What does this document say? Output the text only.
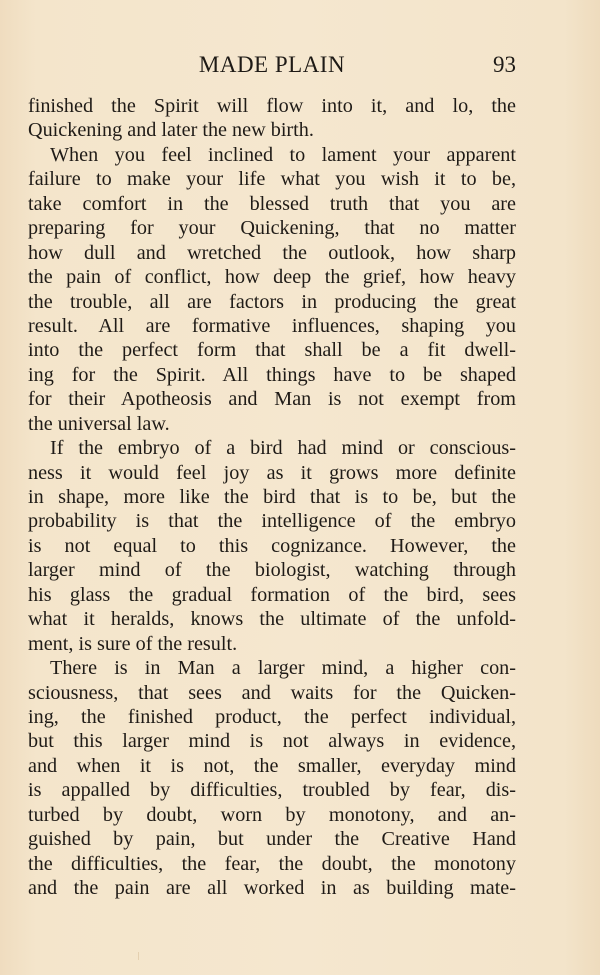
MADE PLAIN	93
finished the Spirit will flow into it, and lo, the
Quickening and later the new birth.
When you feel inclined to lament your apparent
failure to make your life what you wish it to be,
take comfort in the blessed truth that you are
preparing for your Quickening, that no matter
how dull and wretched the outlook, how sharp
the pain of conflict, how deep the grief, how heavy
the trouble, all are factors in producing the great
result. All are formative influences, shaping you
into the perfect form that shall be a fit dwell-
ing for the Spirit. All things have to be shaped
for their Apotheosis and Man is not exempt from
the universal law.
If the embryo of a bird had mind or conscious-
ness it would feel joy as it grows more definite
in shape, more like the bird that is to be, but the
probability is that the intelligence of the embryo
is not equal to this cognizance. However, the
larger mind of the biologist, watching through
his glass the gradual formation of the bird, sees
what it heralds, knows the ultimate of the unfold-
ment, is sure of the result.
There is in Man a larger mind, a higher con-
sciousness, that sees and waits for the Quicken-
ing, the finished product, the perfect individual,
but this larger mind is not always in evidence,
and when it is not, the smaller, everyday mind
is appalled by difficulties, troubled by fear, dis-
turbed by doubt, worn by monotony, and an-
guished by pain, but under the Creative Hand
the difficulties, the fear, the doubt, the monotony
and the pain are all worked in as building mate-
